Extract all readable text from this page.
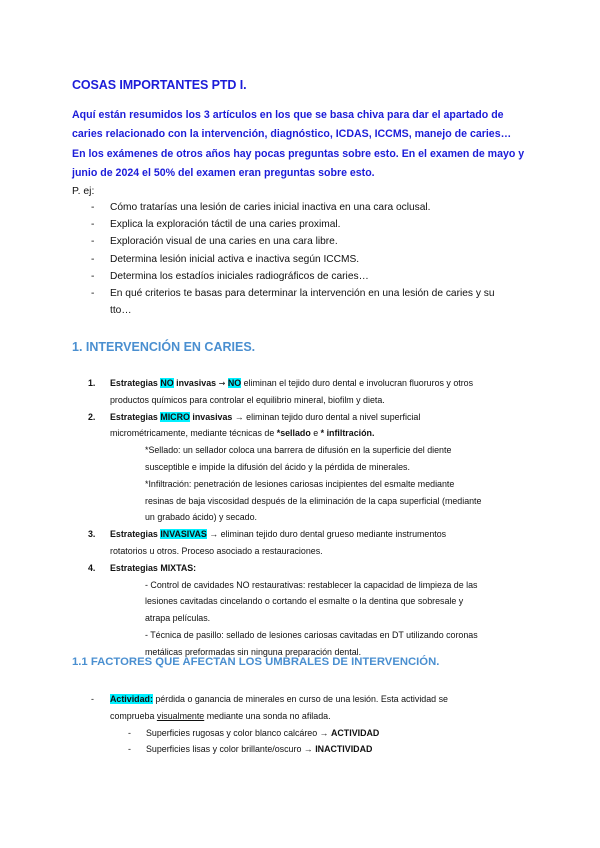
COSAS IMPORTANTES PTD I.
Aquí están resumidos los 3 artículos en los que se basa chiva para dar el apartado de
caries relacionado con la intervención, diagnóstico, ICDAS, ICCMS, manejo de caries…
En los exámenes de otros años hay pocas preguntas sobre esto. En el examen de mayo y
junio de 2024 el 50% del examen eran preguntas sobre esto.
P. ej:
- Cómo tratarías una lesión de caries inicial inactiva en una cara oclusal.
- Explica la exploración táctil de una caries proximal.
- Exploración visual de una caries en una cara libre.
- Determina lesión inicial activa e inactiva según ICCMS.
- Determina los estadíos iniciales radiográficos de caries…
- En qué criterios te basas para determinar la intervención en una lesión de caries y su
tto…
1. INTERVENCIÓN EN CARIES.
1. Estrategias NO invasivas → NO eliminan el tejido duro dental e involucran fluoruros y otros
productos químicos para controlar el equilibrio mineral, biofilm y dieta.
2. Estrategias MICRO invasivas → eliminan tejido duro dental a nivel superficial
micrométricamente, mediante técnicas de *sellado e * infiltración.
*Sellado: un sellador coloca una barrera de difusión en la superficie del diente
susceptible e impide la difusión del ácido y la pérdida de minerales.
*Infiltración: penetración de lesiones cariosas incipientes del esmalte mediante
resinas de baja viscosidad después de la eliminación de la capa superficial (mediante
un grabado ácido) y secado.
3. Estrategias INVASIVAS → eliminan tejido duro dental grueso mediante instrumentos
rotatorios u otros. Proceso asociado a restauraciones.
4. Estrategias MIXTAS:
- Control de cavidades NO restaurativas: restablecer la capacidad de limpieza de las
lesiones cavitadas cincelando o cortando el esmalte o la dentina que sobresale y
atrapa películas.
- Técnica de pasillo: sellado de lesiones cariosas cavitadas en DT utilizando coronas
metálicas preformadas sin ninguna preparación dental.
1.1 FACTORES QUE AFECTAN LOS UMBRALES DE INTERVENCIÓN.
- Actividad: pérdida o ganancia de minerales en curso de una lesión. Esta actividad se
comprueba visualmente mediante una sonda no afilada.
- Superficies rugosas y color blanco calcáreo → ACTIVIDAD
- Superficies lisas y color brillante/oscuro → INACTIVIDAD
